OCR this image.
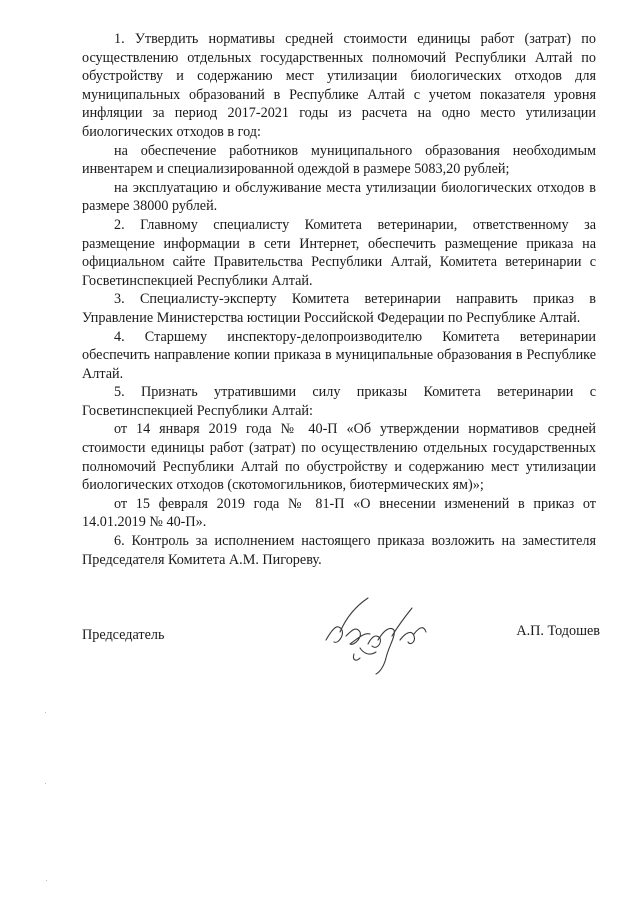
1. Утвердить нормативы средней стоимости единицы работ (затрат) по осуществлению отдельных государственных полномочий Республики Алтай по обустройству и содержанию мест утилизации биологических отходов для муниципальных образований в Республике Алтай с учетом показателя уровня инфляции за период 2017-2021 годы из расчета на одно место утилизации биологических отходов в год:

на обеспечение работников муниципального образования необходимым инвентарем и специализированной одеждой в размере 5083,20 рублей;

на эксплуатацию и обслуживание места утилизации биологических отходов в размере 38000 рублей.

2. Главному специалисту Комитета ветеринарии, ответственному за размещение информации в сети Интернет, обеспечить размещение приказа на официальном сайте Правительства Республики Алтай, Комитета ветеринарии с Госветинспекцией Республики Алтай.

3. Специалисту-эксперту Комитета ветеринарии направить приказ в Управление Министерства юстиции Российской Федерации по Республике Алтай.

4. Старшему инспектору-делопроизводителю Комитета ветеринарии обеспечить направление копии приказа в муниципальные образования в Республике Алтай.

5. Признать утратившими силу приказы Комитета ветеринарии с Госветинспекцией Республики Алтай:

от 14 января 2019 года № 40-П «Об утверждении нормативов средней стоимости единицы работ (затрат) по осуществлению отдельных государственных полномочий Республики Алтай по обустройству и содержанию мест утилизации биологических отходов (скотомогильников, биотермических ям)»;

от 15 февраля 2019 года № 81-П «О внесении изменений в приказ от 14.01.2019 № 40-П».

6. Контроль за исполнением настоящего приказа возложить на заместителя Председателя Комитета А.М. Пигореву.

Председатель	А.П. Тодошев
